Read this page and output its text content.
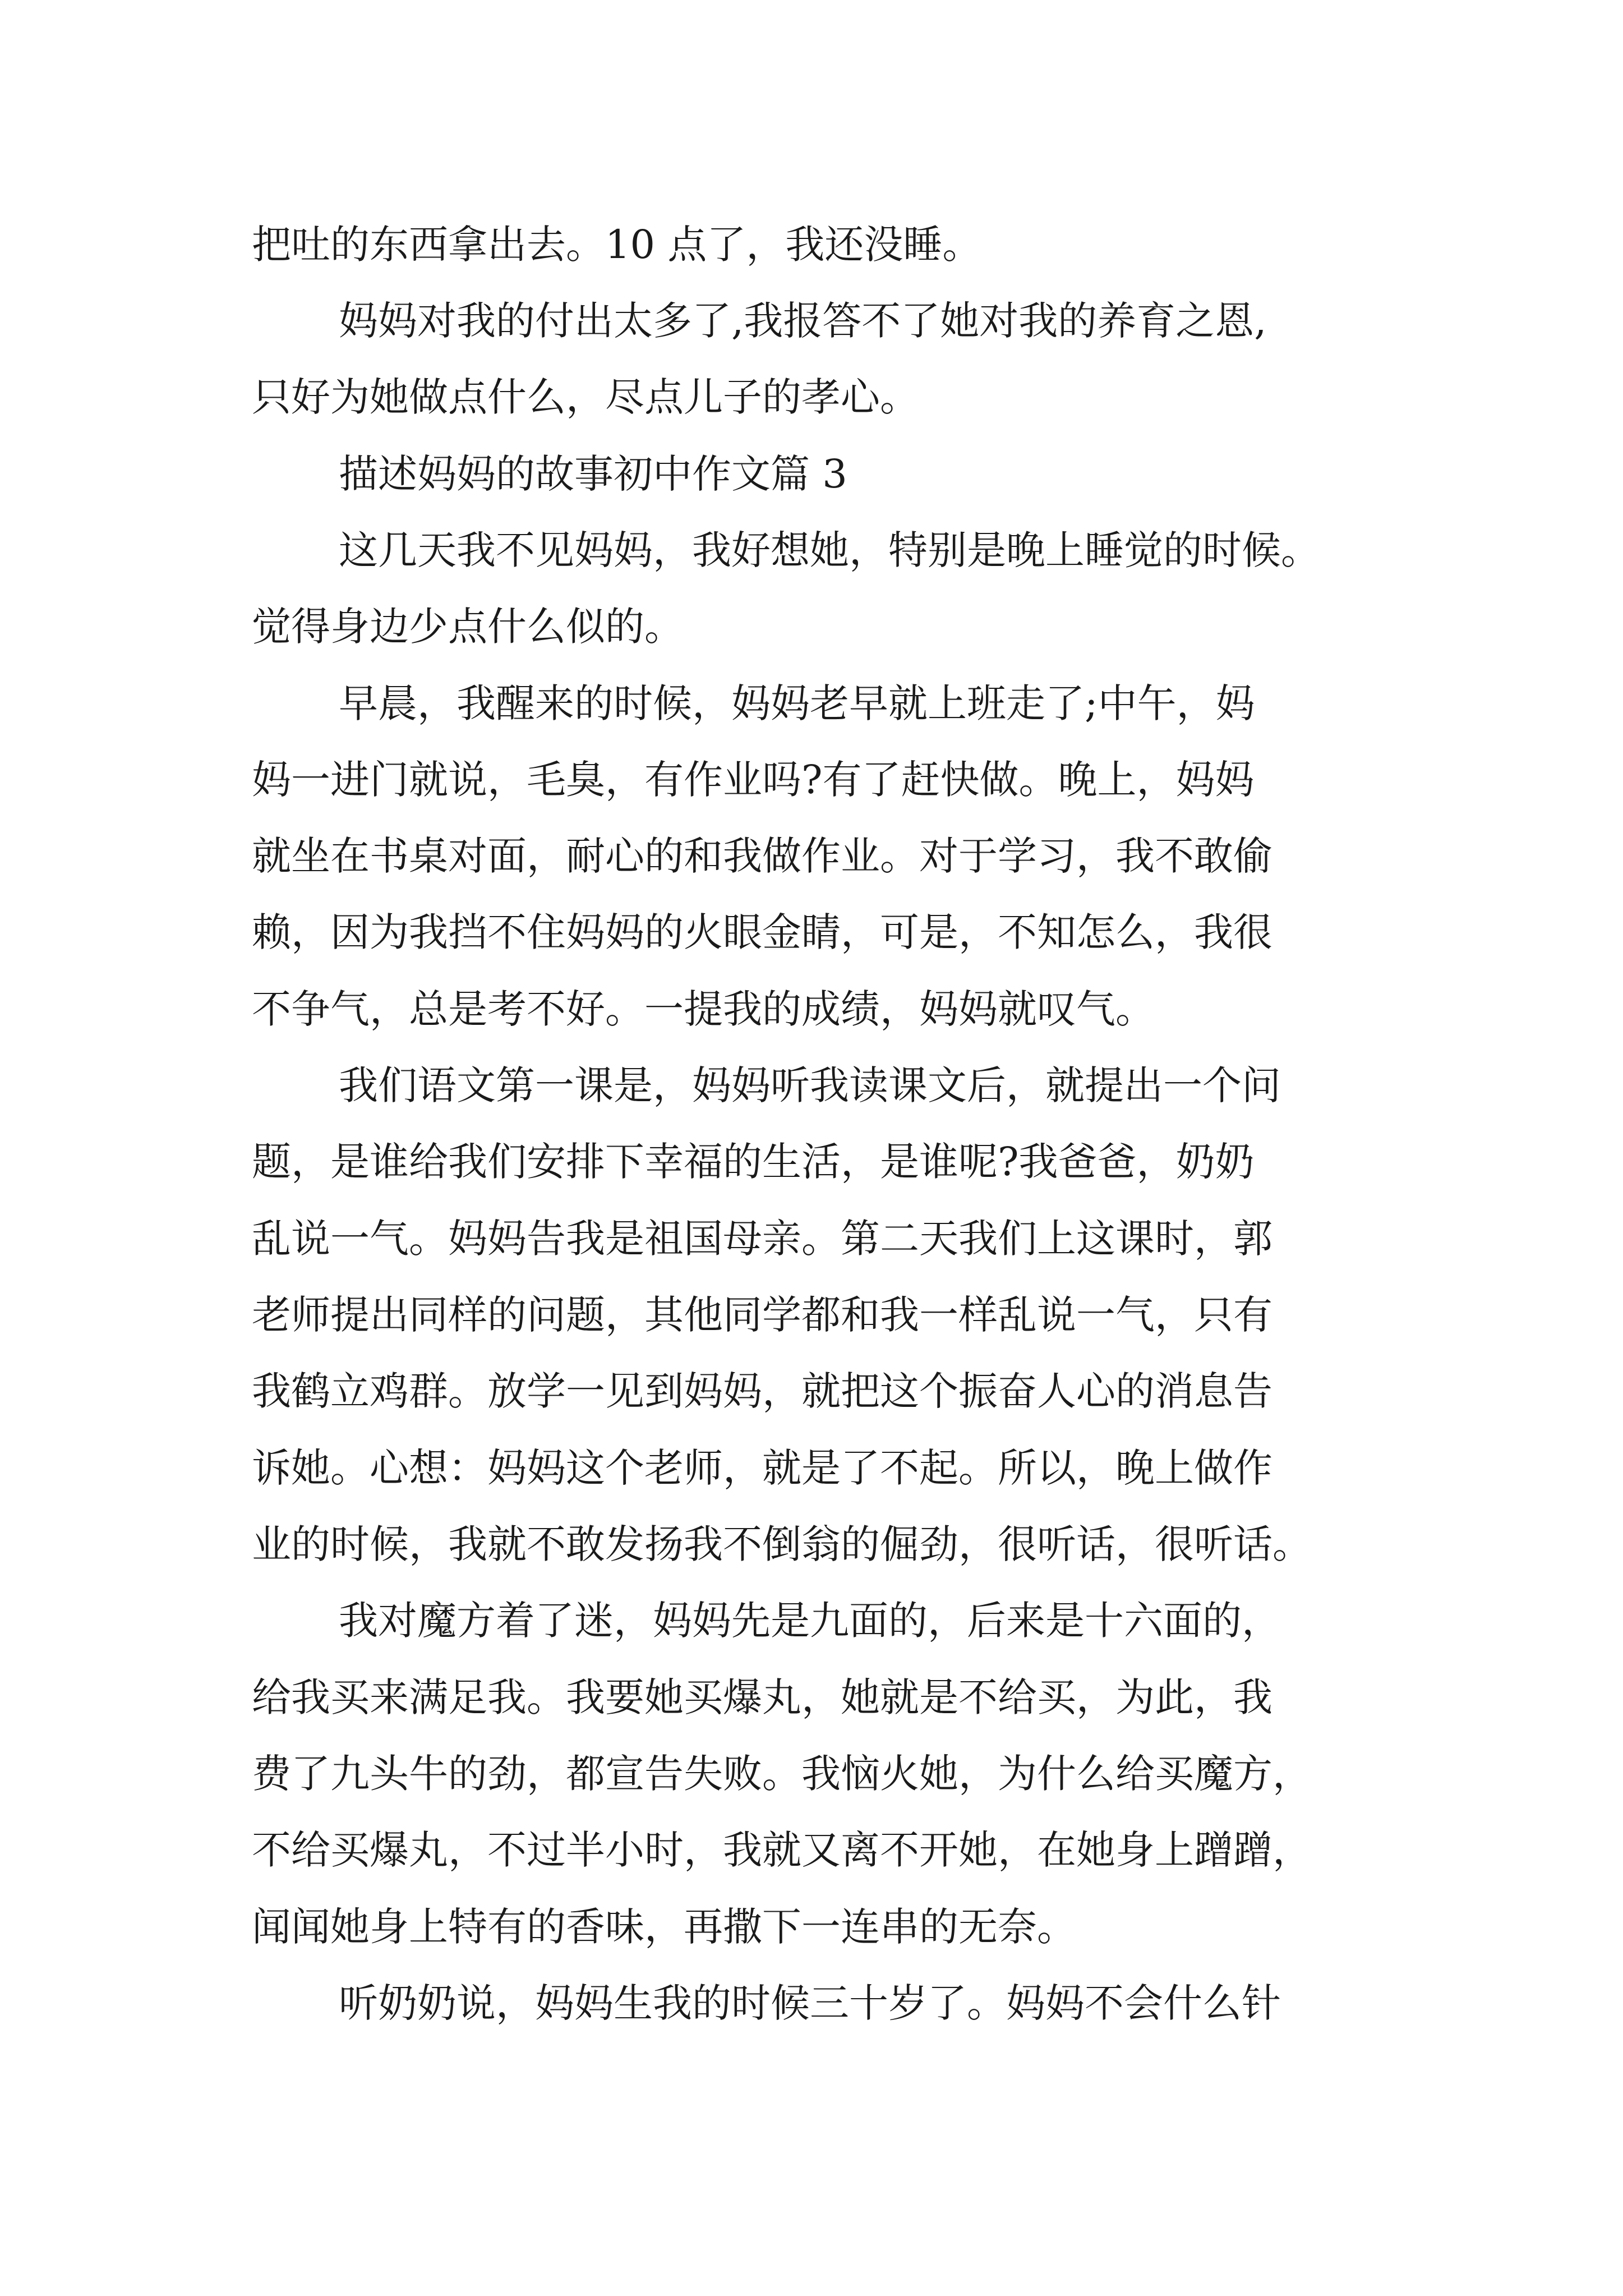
把吐的东西拿出去。10 点了，我还没睡。

妈妈对我的付出太多了,我报答不了她对我的养育之恩,

只好为她做点什么，尽点儿子的孝心。

描述妈妈的故事初中作文篇 3

这几天我不见妈妈，我好想她，特别是晚上睡觉的时候。

觉得身边少点什么似的。

早晨，我醒来的时候，妈妈老早就上班走了;中午，妈

妈一进门就说，毛臭，有作业吗?有了赶快做。晚上，妈妈

就坐在书桌对面，耐心的和我做作业。对于学习，我不敢偷

赖，因为我挡不住妈妈的火眼金睛，可是，不知怎么，我很

不争气，总是考不好。一提我的成绩，妈妈就叹气。

我们语文第一课是，妈妈听我读课文后，就提出一个问

题，是谁给我们安排下幸福的生活，是谁呢?我爸爸，奶奶

乱说一气。妈妈告我是祖国母亲。第二天我们上这课时，郭

老师提出同样的问题，其他同学都和我一样乱说一气，只有

我鹤立鸡群。放学一见到妈妈，就把这个振奋人心的消息告

诉她。心想：妈妈这个老师，就是了不起。所以，晚上做作

业的时候，我就不敢发扬我不倒翁的倔劲，很听话，很听话。

我对魔方着了迷，妈妈先是九面的，后来是十六面的，

给我买来满足我。我要她买爆丸，她就是不给买，为此，我

费了九头牛的劲，都宣告失败。我恼火她，为什么给买魔方，

不给买爆丸，不过半小时，我就又离不开她，在她身上蹭蹭，

闻闻她身上特有的香味，再撒下一连串的无奈。

听奶奶说，妈妈生我的时候三十岁了。妈妈不会什么针
